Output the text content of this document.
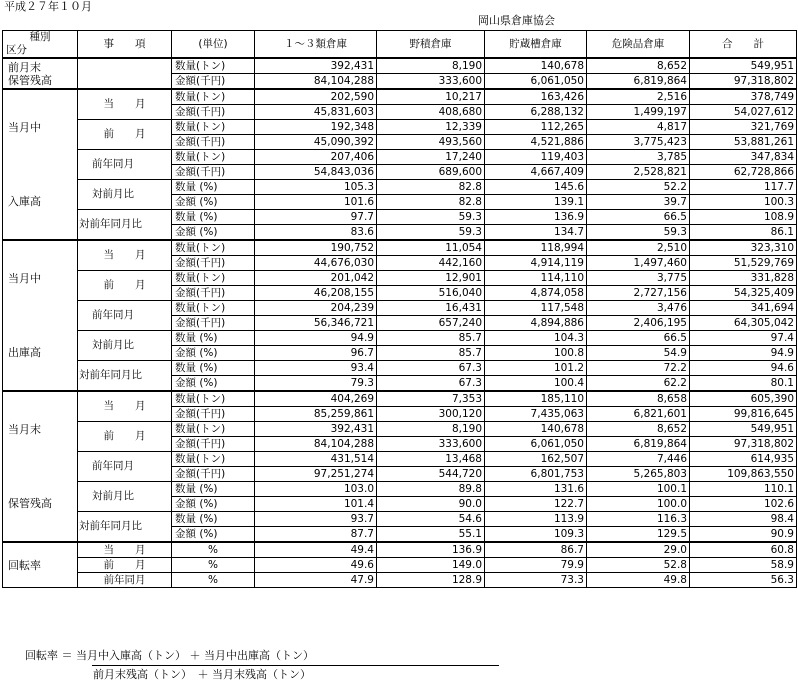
平成２７年１０月
岡山県倉庫協会
種別	事　　項	(単位)	１～３類倉庫	野積倉庫	貯蔵槽倉庫	危険品倉庫	合　　計
区分							

前月末
保管残高		数量(トン)	392,431	8,190	140,678	8,652	549,951
		金額(千円)	84,104,288	333,600	6,061,050	6,819,864	97,318,802

当月中
入庫高	当　　月	数量(トン)	202,590	10,217	163,426	2,516	378,749
		金額(千円)	45,831,603	408,680	6,288,132	1,499,197	54,027,612
	前　　月	数量(トン)	192,348	12,339	112,265	4,817	321,769
		金額(千円)	45,090,392	493,560	4,521,886	3,775,423	53,881,261
	前年同月	数量(トン)	207,406	17,240	119,403	3,785	347,834
		金額(千円)	54,843,036	689,600	4,667,409	2,528,821	62,728,866
	対前月比	数量 (%)	105.3	82.8	145.6	52.2	117.7
		金額 (%)	101.6	82.8	139.1	39.7	100.3
	対前年同月比	数量 (%)	97.7	59.3	136.9	66.5	108.9
		金額 (%)	83.6	59.3	134.7	59.3	86.1

当月中
出庫高	当　　月	数量(トン)	190,752	11,054	118,994	2,510	323,310
		金額(千円)	44,676,030	442,160	4,914,119	1,497,460	51,529,769
	前　　月	数量(トン)	201,042	12,901	114,110	3,775	331,828
		金額(千円)	46,208,155	516,040	4,874,058	2,727,156	54,325,409
	前年同月	数量(トン)	204,239	16,431	117,548	3,476	341,694
		金額(千円)	56,346,721	657,240	4,894,886	2,406,195	64,305,042
	対前月比	数量 (%)	94.9	85.7	104.3	66.5	97.4
		金額 (%)	96.7	85.7	100.8	54.9	94.9
	対前年同月比	数量 (%)	93.4	67.3	101.2	72.2	94.6
		金額 (%)	79.3	67.3	100.4	62.2	80.1

当月末
保管残高	当　　月	数量(トン)	404,269	7,353	185,110	8,658	605,390
		金額(千円)	85,259,861	300,120	7,435,063	6,821,601	99,816,645
	前　　月	数量(トン)	392,431	8,190	140,678	8,652	549,951
		金額(千円)	84,104,288	333,600	6,061,050	6,819,864	97,318,802
	前年同月	数量(トン)	431,514	13,468	162,507	7,446	614,935
		金額(千円)	97,251,274	544,720	6,801,753	5,265,803	109,863,550
	対前月比	数量 (%)	103.0	89.8	131.6	100.1	110.1
		金額 (%)	101.4	90.0	122.7	100.0	102.6
	対前年同月比	数量 (%)	93.7	54.6	113.9	116.3	98.4
		金額 (%)	87.7	55.1	109.3	129.5	90.9

回転率	当　　月	%	49.4	136.9	86.7	29.0	60.8
	前　　月	%	49.6	149.0	79.9	52.8	58.9
	前年同月	%	47.9	128.9	73.3	49.8	56.3
回転率 ＝ 当月中入庫高（トン） ＋ 当月中出庫高（トン）
前月末残高（トン）　＋ 当月末残高（トン）
